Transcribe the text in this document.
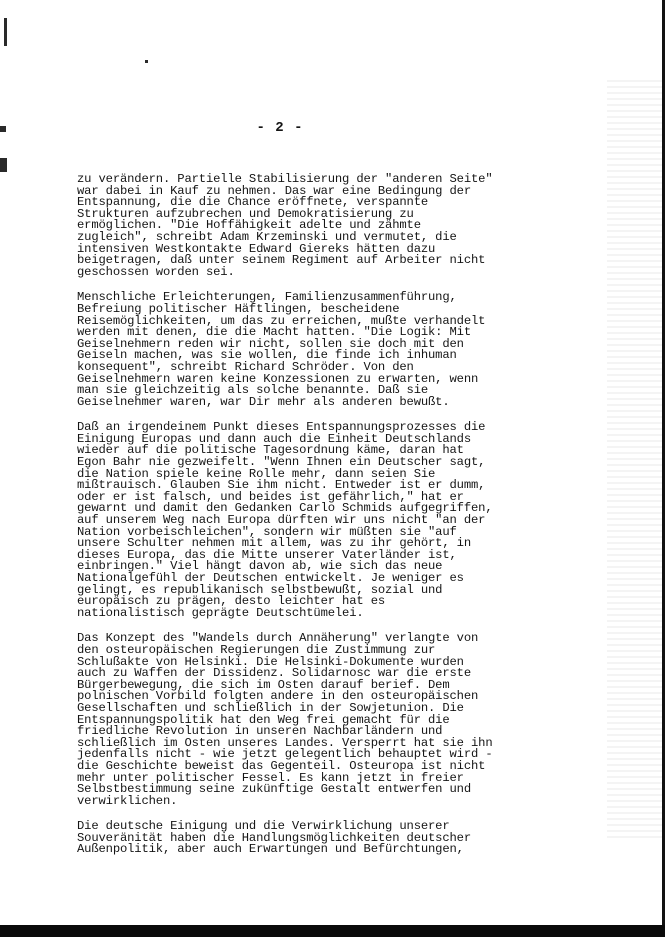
- 2 -
zu verändern. Partielle Stabilisierung der "anderen Seite"
war dabei in Kauf zu nehmen. Das war eine Bedingung der
Entspannung, die die Chance eröffnete, verspannte
Strukturen aufzubrechen und Demokratisierung zu
ermöglichen. "Die Hoffähigkeit adelte und zähmte
zugleich", schreibt Adam Krzeminski und vermutet, die
intensiven Westkontakte Edward Giereks hätten dazu
beigetragen, daß unter seinem Regiment auf Arbeiter nicht
geschossen worden sei.
Menschliche Erleichterungen, Familienzusammenführung,
Befreiung politischer Häftlingen, bescheidene
Reisemöglichkeiten, um das zu erreichen, mußte verhandelt
werden mit denen, die die Macht hatten. "Die Logik: Mit
Geiselnehmern reden wir nicht, sollen sie doch mit den
Geiseln machen, was sie wollen, die finde ich inhuman
konsequent", schreibt Richard Schröder. Von den
Geiselnehmern waren keine Konzessionen zu erwarten, wenn
man sie gleichzeitig als solche benannte. Daß sie
Geiselnehmer waren, war Dir mehr als anderen bewußt.
Daß an irgendeinem Punkt dieses Entspannungsprozesses die
Einigung Europas und dann auch die Einheit Deutschlands
wieder auf die politische Tagesordnung käme, daran hat
Egon Bahr nie gezweifelt. "Wenn Ihnen ein Deutscher sagt,
die Nation spiele keine Rolle mehr, dann seien Sie
mißtrauisch. Glauben Sie ihm nicht. Entweder ist er dumm,
oder er ist falsch, und beides ist gefährlich," hat er
gewarnt und damit den Gedanken Carlo Schmids aufgegriffen,
auf unserem Weg nach Europa dürften wir uns nicht "an der
Nation vorbeischleichen", sondern wir müßten sie "auf
unsere Schulter nehmen mit allem, was zu ihr gehört, in
dieses Europa, das die Mitte unserer Vaterländer ist,
einbringen." Viel hängt davon ab, wie sich das neue
Nationalgefühl der Deutschen entwickelt. Je weniger es
gelingt, es republikanisch selbstbewußt, sozial und
europäisch zu prägen, desto leichter hat es
nationalistisch geprägte Deutschtümelei.
Das Konzept des "Wandels durch Annäherung" verlangte von
den osteuropäischen Regierungen die Zustimmung zur
Schlußakte von Helsinki. Die Helsinki-Dokumente wurden
auch zu Waffen der Dissidenz. Solidarnosc war die erste
Bürgerbewegung, die sich im Osten darauf berief. Dem
polnischen Vorbild folgten andere in den osteuropäischen
Gesellschaften und schließlich in der Sowjetunion. Die
Entspannungspolitik hat den Weg frei gemacht für die
friedliche Revolution in unseren Nachbarländern und
schließlich im Osten unseres Landes. Versperrt hat sie ihn
jedenfalls nicht - wie jetzt gelegentlich behauptet wird -
die Geschichte beweist das Gegenteil. Osteuropa ist nicht
mehr unter politischer Fessel. Es kann jetzt in freier
Selbstbestimmung seine zukünftige Gestalt entwerfen und
verwirklichen.
Die deutsche Einigung und die Verwirklichung unserer
Souveränität haben die Handlungsmöglichkeiten deutscher
Außenpolitik, aber auch Erwartungen und Befürchtungen,
